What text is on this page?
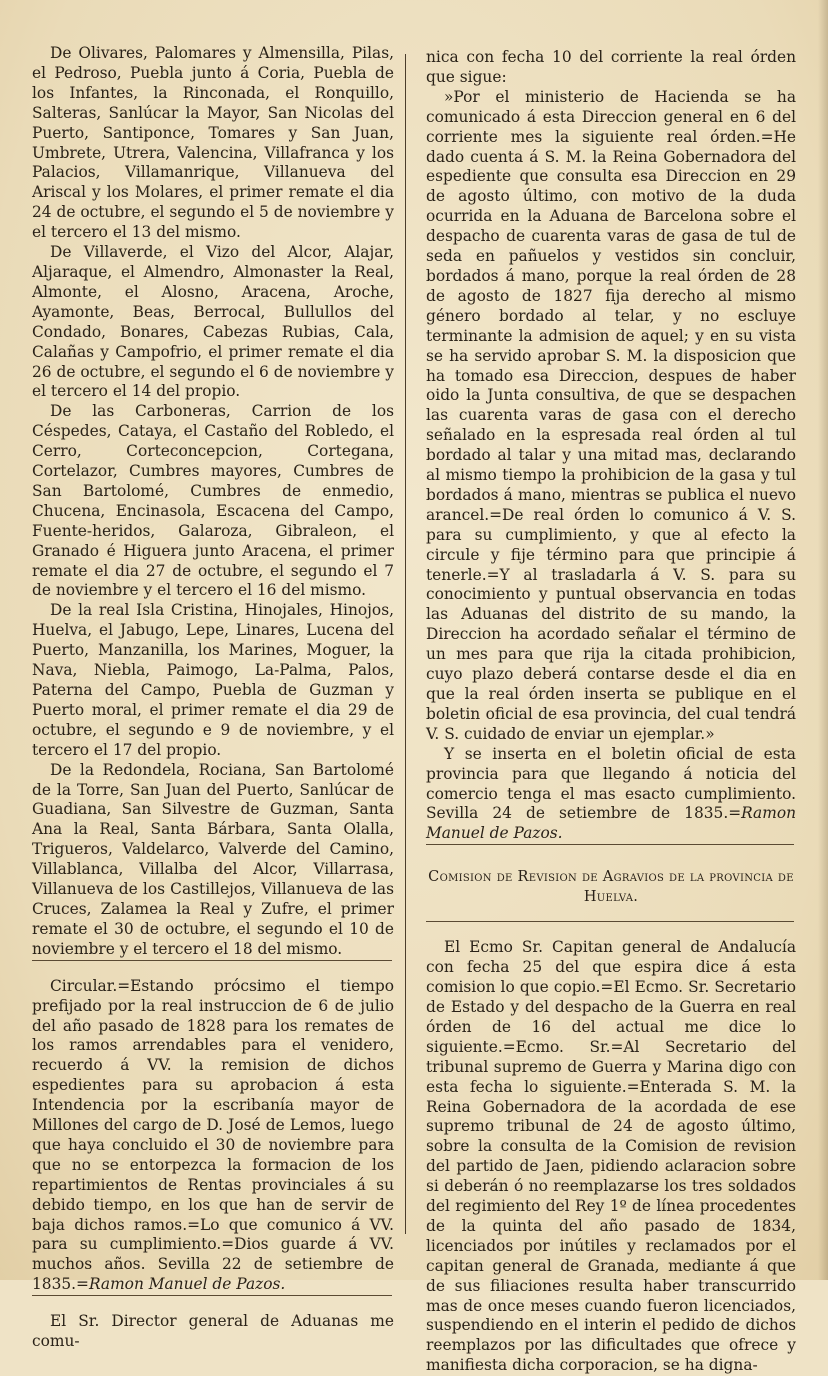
De Olivares, Palomares y Almensilla, Pilas, el Pedroso, Puebla junto á Coria, Puebla de los Infantes, la Rinconada, el Ronquillo, Salteras, Sanlúcar la Mayor, San Nicolas del Puerto, Santiponce, Tomares y San Juan, Umbrete, Utrera, Valencina, Villafranca y los Palacios, Villamanrique, Villanueva del Ariscal y los Molares, el primer remate el dia 24 de octubre, el segundo el 5 de noviembre y el tercero el 13 del mismo.

De Villaverde, el Vizo del Alcor, Alajar, Aljaraque, el Almendro, Almonaster la Real, Almonte, el Alosno, Aracena, Aroche, Ayamonte, Beas, Berrocal, Bullullos del Condado, Bonares, Cabezas Rubias, Cala, Calañas y Campofrio, el primer remate el dia 26 de octubre, el segundo el 6 de noviembre y el tercero el 14 del propio.

De las Carboneras, Carrion de los Céspedes, Cataya, el Castaño del Robledo, el Cerro, Corteconcepcion, Cortegana, Cortelazor, Cumbres mayores, Cumbres de San Bartolomé, Cumbres de enmedio, Chucena, Encinasola, Escacena del Campo, Fuente-heridos, Galaroza, Gibraleon, el Granado é Higuera junto Aracena, el primer remate el dia 27 de octubre, el segundo el 7 de noviembre y el tercero el 16 del mismo.

De la real Isla Cristina, Hinojales, Hinojos, Huelva, el Jabugo, Lepe, Linares, Lucena del Puerto, Manzanilla, los Marines, Moguer, la Nava, Niebla, Paimogo, La-Palma, Palos, Paterna del Campo, Puebla de Guzman y Puerto moral, el primer remate el dia 29 de octubre, el segundo e 9 de noviembre, y el tercero el 17 del propio.

De la Redondela, Rociana, San Bartolomé de la Torre, San Juan del Puerto, Sanlúcar de Guadiana, San Silvestre de Guzman, Santa Ana la Real, Santa Bárbara, Santa Olalla, Trigueros, Valdelarco, Valverde del Camino, Villablanca, Villalba del Alcor, Villarrasa, Villanueva de los Castillejos, Villanueva de las Cruces, Zalamea la Real y Zufre, el primer remate el 30 de octubre, el segundo el 10 de noviembre y el tercero el 18 del mismo.

Circular.=Estando prócsimo el tiempo prefijado por la real instruccion de 6 de julio del año pasado de 1828 para los remates de los ramos arrendables para el venidero, recuerdo á VV. la remision de dichos espedientes para su aprobacion á esta Intendencia por la escribanía mayor de Millones del cargo de D. José de Lemos, luego que haya concluido el 30 de noviembre para que no se entorpezca la formacion de los repartimientos de Rentas provinciales á su debido tiempo, en los que han de servir de baja dichos ramos.=Lo que comunico á VV. para su cumplimiento.=Dios guarde á VV. muchos años. Sevilla 22 de setiembre de 1835.=Ramon Manuel de Pazos.

El Sr. Director general de Aduanas me comu-

nica con fecha 10 del corriente la real órden que sigue:

»Por el ministerio de Hacienda se ha comunicado á esta Direccion general en 6 del corriente mes la siguiente real órden.=He dado cuenta á S. M. la Reina Gobernadora del espediente que consulta esa Direccion en 29 de agosto último, con motivo de la duda ocurrida en la Aduana de Barcelona sobre el despacho de cuarenta varas de gasa de tul de seda en pañuelos y vestidos sin concluir, bordados á mano, porque la real órden de 28 de agosto de 1827 fija derecho al mismo género bordado al telar, y no escluye terminante la admision de aquel; y en su vista se ha servido aprobar S. M. la disposicion que ha tomado esa Direccion, despues de haber oido la Junta consultiva, de que se despachen las cuarenta varas de gasa con el derecho señalado en la espresada real órden al tul bordado al talar y una mitad mas, declarando al mismo tiempo la prohibicion de la gasa y tul bordados á mano, mientras se publica el nuevo arancel.=De real órden lo comunico á V. S. para su cumplimiento, y que al efecto la circule y fije término para que principie á tenerle.=Y al trasladarla á V. S. para su conocimiento y puntual observancia en todas las Aduanas del distrito de su mando, la Direccion ha acordado señalar el término de un mes para que rija la citada prohibicion, cuyo plazo deberá contarse desde el dia en que la real órden inserta se publique en el boletin oficial de esa provincia, del cual tendrá V. S. cuidado de enviar un ejemplar.»

Y se inserta en el boletin oficial de esta provincia para que llegando á noticia del comercio tenga el mas esacto cumplimiento. Sevilla 24 de setiembre de 1835.=Ramon Manuel de Pazos.

Comision de Revision de Agravios de la provincia de Huelva.

El Ecmo Sr. Capitan general de Andalucía con fecha 25 del que espira dice á esta comision lo que copio.=El Ecmo. Sr. Secretario de Estado y del despacho de la Guerra en real órden de 16 del actual me dice lo siguiente.=Ecmo. Sr.=Al Secretario del tribunal supremo de Guerra y Marina digo con esta fecha lo siguiente.=Enterada S. M. la Reina Gobernadora de la acordada de ese supremo tribunal de 24 de agosto último, sobre la consulta de la Comision de revision del partido de Jaen, pidiendo aclaracion sobre si deberán ó no reemplazarse los tres soldados del regimiento del Rey 1º de línea procedentes de la quinta del año pasado de 1834, licenciados por inútiles y reclamados por el capitan general de Granada, mediante á que de sus filiaciones resulta haber transcurrido mas de once meses cuando fueron licenciados, suspendiendo en el interin el pedido de dichos reemplazos por las dificultades que ofrece y manifiesta dicha corporacion, se ha digna-
